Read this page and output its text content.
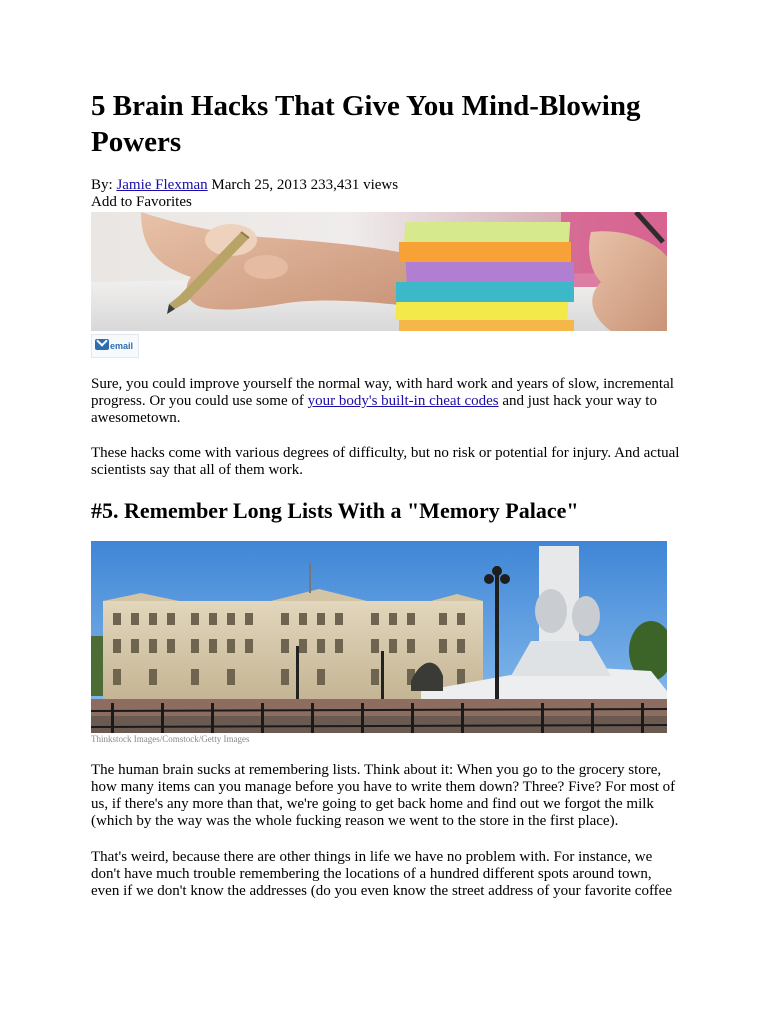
5 Brain Hacks That Give You Mind-Blowing Powers
By: Jamie Flexman March 25, 2013 233,431 views
Add to Favorites
email

Sure, you could improve yourself the normal way, with hard work and years of slow, incremental progress. Or you could use some of your body's built-in cheat codes and just hack your way to awesometown.

These hacks come with various degrees of difficulty, but no risk or potential for injury. And actual scientists say that all of them work.

#5. Remember Long Lists With a "Memory Palace"
Thinkstock Images/Comstock/Getty Images

The human brain sucks at remembering lists. Think about it: When you go to the grocery store, how many items can you manage before you have to write them down? Three? Five? For most of us, if there's any more than that, we're going to get back home and find out we forgot the milk (which by the way was the whole fucking reason we went to the store in the first place).

That's weird, because there are other things in life we have no problem with. For instance, we don't have much trouble remembering the locations of a hundred different spots around town, even if we don't know the addresses (do you even know the street address of your favorite coffee
